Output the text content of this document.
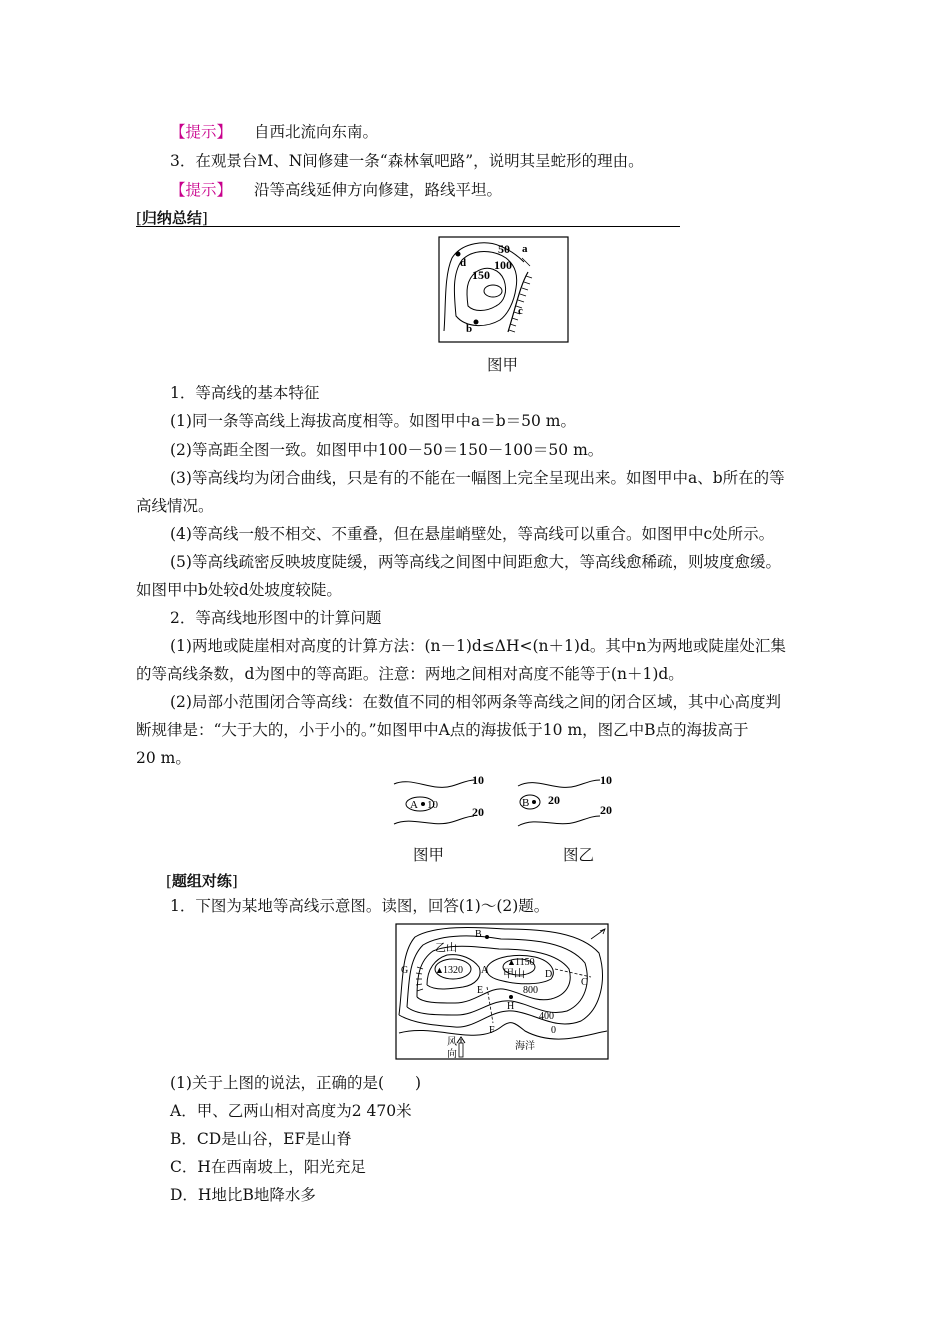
【提示】 自西北流向东南。
3．在观景台M、N间修建一条“森林氧吧路”，说明其呈蛇形的理由。
【提示】 沿等高线延伸方向修建，路线平坦。
[归纳总结]
50 a
100
150
d
b
c
图甲
1．等高线的基本特征
(1)同一条等高线上海拔高度相等。如图甲中a＝b＝50 m。
(2)等高距全图一致。如图甲中100－50＝150－100＝50 m。
(3)等高线均为闭合曲线，只是有的不能在一幅图上完全呈现出来。如图甲中a、b所在的等
高线情况。
(4)等高线一般不相交、不重叠，但在悬崖峭壁处，等高线可以重合。如图甲中c处所示。
(5)等高线疏密反映坡度陡缓，两等高线之间图中间距愈大，等高线愈稀疏，则坡度愈缓。
如图甲中b处较d处坡度较陡。
2．等高线地形图中的计算问题
(1)两地或陡崖相对高度的计算方法：(n－1)d≤ΔH<(n＋1)d。其中n为两地或陡崖处汇集
的等高线条数，d为图中的等高距。注意：两地之间相对高度不能等于(n＋1)d。
(2)局部小范围闭合等高线：在数值不同的相邻两条等高线之间的闭合区域，其中心高度判
断规律是：“大于大的，小于小的。”如图甲中A点的海拔低于10 m，图乙中B点的海拔高于
20 m。
A 10
10
20
B 20
10
20
图甲	图乙
[题组对练]
1．下图为某地等高线示意图。读图，回答(1)～(2)题。
乙山
▲ 1320
▲ 1150
甲山
A
B
C
D
E
F
G
H
800
400
0
风
向
海洋
(1)关于上图的说法，正确的是(　　)
A．甲、乙两山相对高度为2 470米
B．CD是山谷，EF是山脊
C．H在西南坡上，阳光充足
D．H地比B地降水多
